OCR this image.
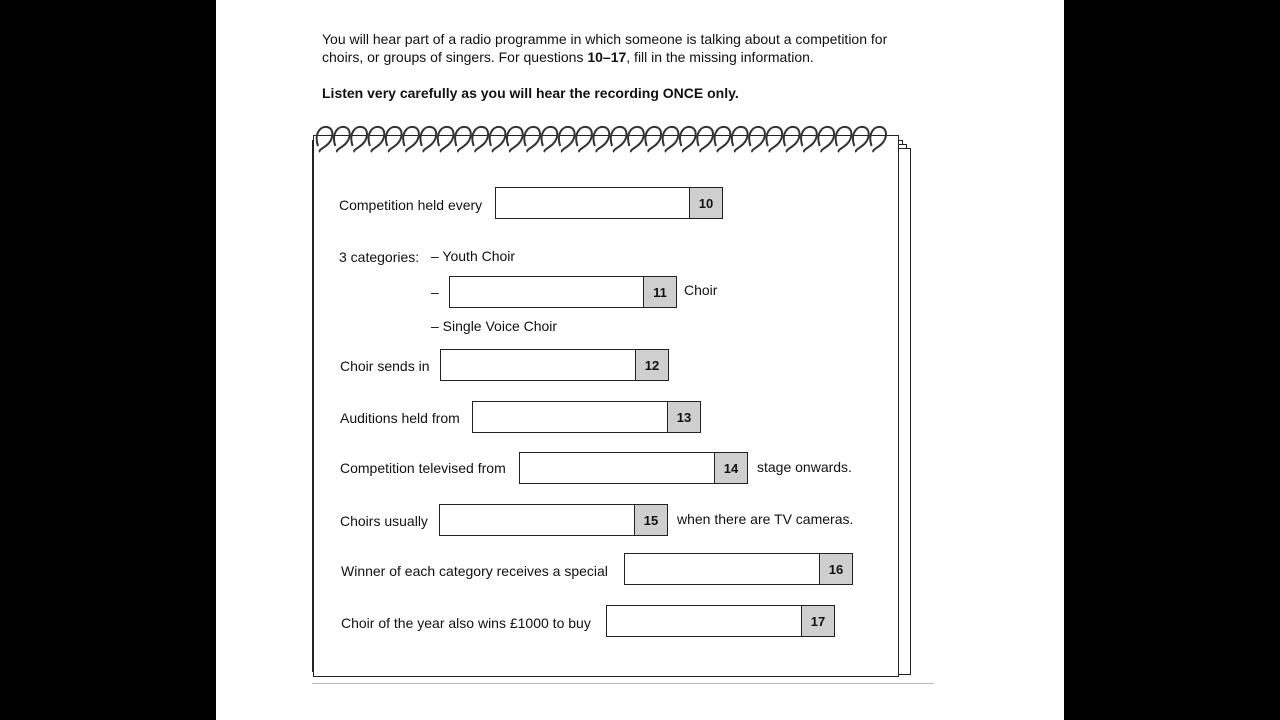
You will hear part of a radio programme in which someone is talking about a competition for
choirs, or groups of singers. For questions 10–17, fill in the missing information.
Listen very carefully as you will hear the recording ONCE only.
Competition held every	10
3 categories: – Youth Choir
–	11	Choir
– Single Voice Choir
Choir sends in	12
Auditions held from	13
Competition televised from	14	stage onwards.
Choirs usually	15	when there are TV cameras.
Winner of each category receives a special	16
Choir of the year also wins £1000 to buy	17
